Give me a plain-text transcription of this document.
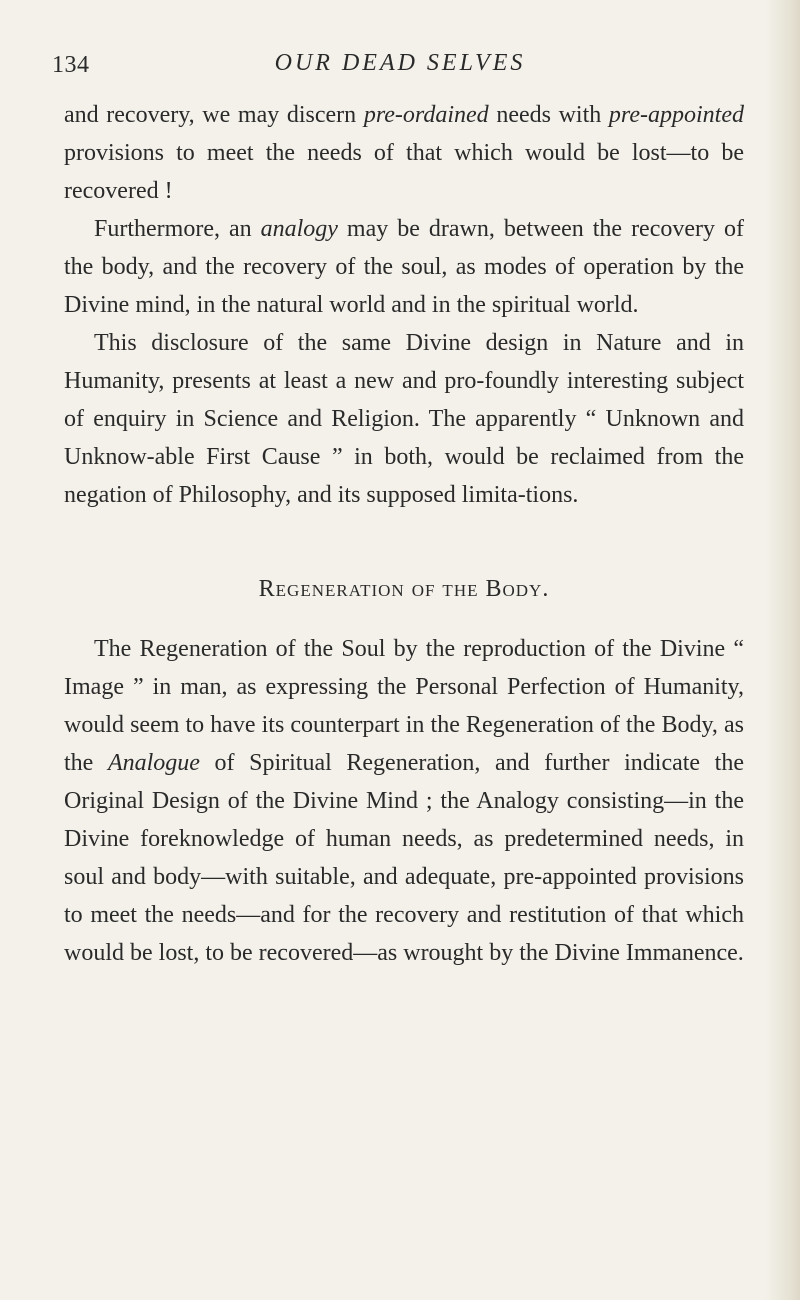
134	OUR DEAD SELVES

and recovery, we may discern pre-ordained needs with pre-appointed provisions to meet the needs of that which would be lost—to be recovered !

Furthermore, an analogy may be drawn, between the recovery of the body, and the recovery of the soul, as modes of operation by the Divine mind, in the natural world and in the spiritual world.

This disclosure of the same Divine design in Nature and in Humanity, presents at least a new and pro-foundly interesting subject of enquiry in Science and Religion. The apparently “ Unknown and Unknow-able First Cause ” in both, would be reclaimed from the negation of Philosophy, and its supposed limita-tions.

Regeneration of the Body.

The Regeneration of the Soul by the reproduction of the Divine “ Image ” in man, as expressing the Personal Perfection of Humanity, would seem to have its counterpart in the Regeneration of the Body, as the Analogue of Spiritual Regeneration, and further indicate the Original Design of the Divine Mind ; the Analogy consisting—in the Divine foreknowledge of human needs, as predetermined needs, in soul and body—with suitable, and adequate, pre-appointed provisions to meet the needs—and for the recovery and restitution of that which would be lost, to be recovered—as wrought by the Divine Immanence.
